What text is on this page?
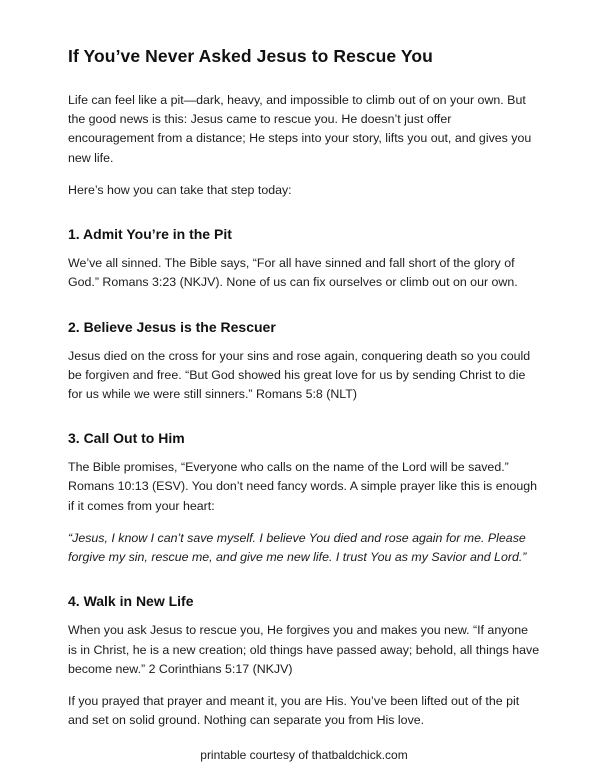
If You’ve Never Asked Jesus to Rescue You

Life can feel like a pit—dark, heavy, and impossible to climb out of on your own. But the good news is this: Jesus came to rescue you. He doesn’t just offer encouragement from a distance; He steps into your story, lifts you out, and gives you new life.

Here’s how you can take that step today:

1. Admit You’re in the Pit

We’ve all sinned. The Bible says, “For all have sinned and fall short of the glory of God.” Romans 3:23 (NKJV). None of us can fix ourselves or climb out on our own.

2. Believe Jesus is the Rescuer

Jesus died on the cross for your sins and rose again, conquering death so you could be forgiven and free. “But God showed his great love for us by sending Christ to die for us while we were still sinners.” Romans 5:8 (NLT)

3. Call Out to Him

The Bible promises, “Everyone who calls on the name of the Lord will be saved.” Romans 10:13 (ESV). You don’t need fancy words. A simple prayer like this is enough if it comes from your heart:

“Jesus, I know I can’t save myself. I believe You died and rose again for me. Please forgive my sin, rescue me, and give me new life. I trust You as my Savior and Lord.”

4. Walk in New Life

When you ask Jesus to rescue you, He forgives you and makes you new. “If anyone is in Christ, he is a new creation; old things have passed away; behold, all things have become new.” 2 Corinthians 5:17 (NKJV)

If you prayed that prayer and meant it, you are His. You’ve been lifted out of the pit and set on solid ground. Nothing can separate you from His love.

printable courtesy of thatbaldchick.com
